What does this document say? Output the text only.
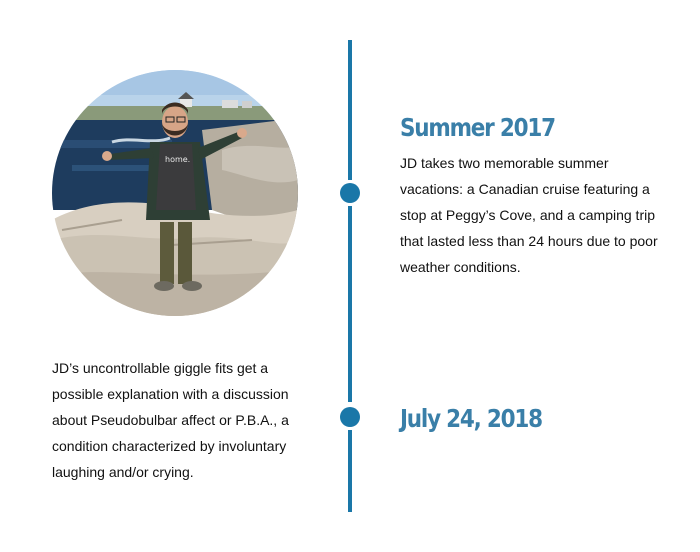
home.
Summer 2017
JD takes two memorable summer vacations: a Canadian cruise featuring a stop at Peggy’s Cove, and a camping trip that lasted less than 24 hours due to poor weather conditions.
July 24, 2018
JD’s uncontrollable giggle fits get a possible explanation with a discussion about Pseudobulbar affect or P.B.A., a condition characterized by involuntary laughing and/or crying.
